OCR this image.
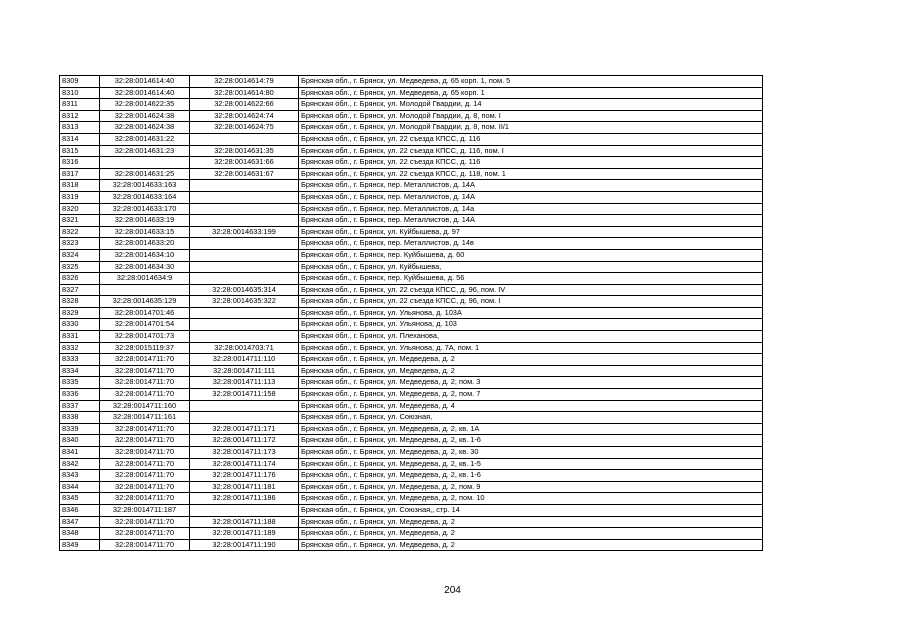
8309	32:28:0014614:40	32:28:0014614:79	Брянская обл., г. Брянск, ул. Медведева, д. 65 корп. 1, пом. 5
8310	32:28:0014614:40	32:28:0014614:80	Брянская обл., г. Брянск, ул. Медведева, д. 65 корп. 1
8311	32:28:0014622:35	32:28:0014622:66	Брянская обл., г. Брянск, ул. Молодой Гвардии, д. 14
8312	32:28:0014624:38	32:28:0014624:74	Брянская обл., г. Брянск, ул. Молодой Гвардии, д. 8, пом. I
8313	32:28:0014624:38	32:28:0014624:75	Брянская обл., г. Брянск, ул. Молодой Гвардии, д. 8, пом. II/1
8314	32:28:0014631:22		Брянская обл., г. Брянск, ул. 22 съезда КПСС, д. 116
8315	32:28:0014631:23	32:28:0014631:35	Брянская обл., г. Брянск, ул. 22 съезда КПСС, д. 116, пом. I
8316		32:28:0014631:66	Брянская обл., г. Брянск, ул. 22 съезда КПСС, д. 116
8317	32:28:0014631:25	32:28:0014631:67	Брянская обл., г. Брянск, ул. 22 съезда КПСС, д. 118, пом. 1
8318	32:28:0014633:163		Брянская обл., г. Брянск, пер. Металлистов, д. 14А
8319	32:28:0014633:164		Брянская обл., г. Брянск, пер. Металлистов, д. 14А
8320	32:28:0014633:170		Брянская обл., г. Брянск, пер. Металлистов, д. 14а
8321	32:28:0014633:19		Брянская обл., г. Брянск, пер. Металлистов, д. 14А
8322	32:28:0014633:15	32:28:0014633:199	Брянская обл., г. Брянск, ул. Куйбышева, д. 97
8323	32:28:0014633:20		Брянская обл., г. Брянск, пер. Металлистов, д. 14в
8324	32:28:0014634:10		Брянская обл., г. Брянск, пер. Куйбышева, д. 60
8325	32:28:0014634:30		Брянская обл., г. Брянск, ул. Куйбышева,
8326	32:28:0014634:9		Брянская обл., г. Брянск, пер. Куйбышева, д. 56
8327		32:28:0014635:314	Брянская обл., г. Брянск, ул. 22 съезда КПСС, д. 96, пом. IV
8328	32:28:0014635:129	32:28:0014635:322	Брянская обл., г. Брянск, ул. 22 съезда КПСС, д. 96, пом. I
8329	32:28:0014701:46		Брянская обл., г. Брянск, ул. Ульянова, д. 103А
8330	32:28:0014701:54		Брянская обл., г. Брянск, ул. Ульянова, д. 103
8331	32:28:0014701:73		Брянская обл., г. Брянск, ул. Плеханова,
8332	32:28:0015119:37	32:28:0014703:71	Брянская обл., г. Брянск, ул. Ульянова, д. 7А, пом. 1
8333	32:28:0014711:70	32:28:0014711:110	Брянская обл., г. Брянск, ул. Медведева, д. 2
8334	32:28:0014711:70	32:28:0014711:111	Брянская обл., г. Брянск, ул. Медведева, д. 2
8335	32:28:0014711:70	32:28:0014711:113	Брянская обл., г. Брянск, ул. Медведева, д. 2, пом. 3
8336	32:28:0014711:70	32:28:0014711:158	Брянская обл., г. Брянск, ул. Медведева, д. 2, пом. 7
8337	32:28:0014711:160		Брянская обл., г. Брянск, ул. Медведева, д. 4
8338	32:28:0014711:161		Брянская обл., г. Брянск, ул. Союзная,
8339	32:28:0014711:70	32:28:0014711:171	Брянская обл., г. Брянск, ул. Медведева, д. 2, кв. 1А
8340	32:28:0014711:70	32:28:0014711:172	Брянская обл., г. Брянск, ул. Медведева, д. 2, кв. 1-6
8341	32:28:0014711:70	32:28:0014711:173	Брянская обл., г. Брянск, ул. Медведева, д. 2, кв. 30
8342	32:28:0014711:70	32:28:0014711:174	Брянская обл., г. Брянск, ул. Медведева, д. 2, кв. 1-5
8343	32:28:0014711:70	32:28:0014711:176	Брянская обл., г. Брянск, ул. Медведева, д. 2, кв. 1-6
8344	32:28:0014711:70	32:28:0014711:181	Брянская обл., г. Брянск, ул. Медведева, д. 2, пом. 9
8345	32:28:0014711:70	32:28:0014711:186	Брянская обл., г. Брянск, ул. Медведева, д. 2, пом. 10
8346	32:28:0014711:187		Брянская обл., г. Брянск, ул. Союзная,, стр. 14
8347	32:28:0014711:70	32:28:0014711:188	Брянская обл., г. Брянск, ул. Медведева, д. 2
8348	32:28:0014711:70	32:28:0014711:189	Брянская обл., г. Брянск, ул. Медведева, д. 2
8349	32:28:0014711:70	32:28:0014711:190	Брянская обл., г. Брянск, ул. Медведева, д. 2
204
